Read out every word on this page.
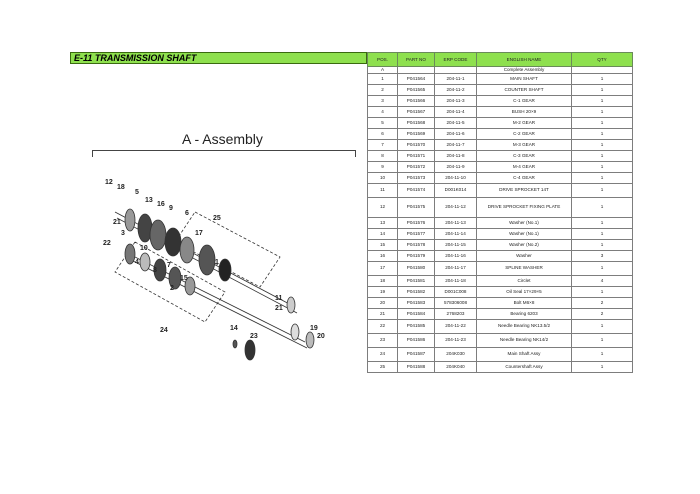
E-11 TRANSMISSION SHAFT
A - Assembly
12
18
5
13
16
9
6
25
17
21
3
22
10
7	1
4
8
15
2
11
21
19
20
14
23
24
POS.	PART NO	ERP CODE	ENGLISH NAME	QTY
A			Complete Assembly	
1	P041564	204-11-1	MAIN SHAFT	1
2	P041565	204-11-2	COUNTER SHAFT	1
3	P041566	204-11-3	C-1 GEAR	1
4	P041567	204-11-4	BUSH 20×9	1
5	P041568	204-11-5	M-2 GEAR	1
6	P041569	204-11-6	C-2 GEAR	1
7	P041570	204-11-7	M-3 GEAR	1
8	P041571	204-11-8	C-3 GEAR	1
9	P041572	204-11-9	M-4 GEAR	1
10	P041573	204-11-10	C-4 GEAR	1
11	P041574	D001K014	DRIVE SPROCKET 14T	1
12	P041575	204-11-12	DRIVE SPROCKET FIXING PLATE	1
13	P041576	204-11-13	Washer (No.1)	1
14	P041577	204-11-14	Washer (No.1)	1
15	P041578	204-11-15	Washer (No.2)	1
16	P041579	204-11-16	Washer	3
17	P041580	204-11-17	SPLINE WASHER	1
18	P041581	204-11-18	Circlet	4
19	P041582	D001C008	Oil Seal 17×29×5	1
20	P041583	578306008	Bolt M6×8	2
21	P041584	2768203	Bearing 6203	2
22	P041585	204-11-22	Needle Bearing NK13.5/2	1
23	P041586	204-11-23	Needle Bearing NK14/2	1
24	P041587	204K030	Main Shaft Assy	1
25	P041588	204K040	Countershaft Assy	1
